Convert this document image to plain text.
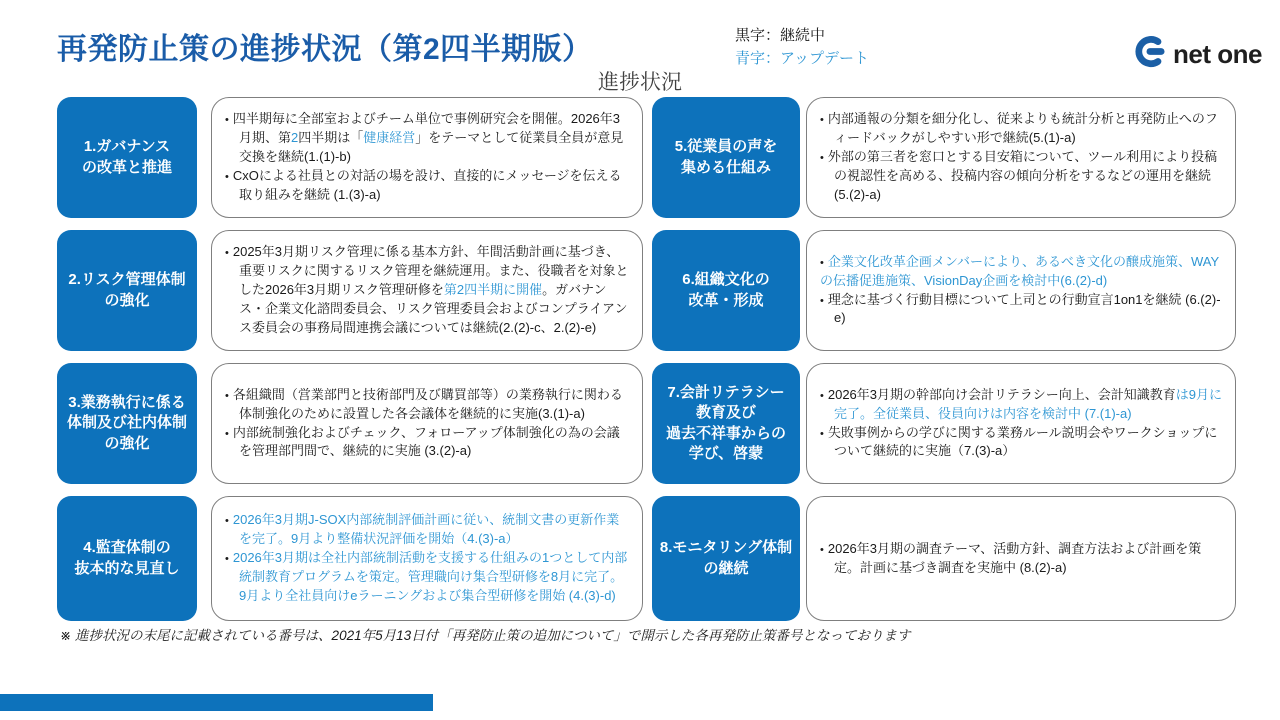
再発防止策の進捗状況（第2四半期版）
進捗状況
黒字：継続中
青字：アップデート	net one
1.ガバナンス
の改革と推進
• 四半期毎に全部室およびチーム単位で事例研究会を開催。2026年3月期、第2四半期は「健康経営」をテーマとして従業員全員が意見交換を継続(1.(1)-b)
• CxOによる社員との対話の場を設け、直接的にメッセージを伝える取り組みを継続 (1.(3)-a)
2.リスク管理体制
の強化
• 2025年3月期リスク管理に係る基本方針、年間活動計画に基づき、重要リスクに関するリスク管理を継続運用。また、役職者を対象とした2026年3月期リスク管理研修を第2四半期に開催。ガバナンス・企業文化諮問委員会、リスク管理委員会およびコンプライアンス委員会の事務局間連携会議については継続(2.(2)-c、2.(2)-e)
3.業務執行に係る
体制及び社内体制
の強化
• 各組織間（営業部門と技術部門及び購買部等）の業務執行に関わる体制強化のために設置した各会議体を継続的に実施(3.(1)-a)
• 内部統制強化およびチェック、フォローアップ体制強化の為の会議を管理部門間で、継続的に実施 (3.(2)-a)
4.監査体制の
抜本的な見直し
• 2026年3月期J-SOX内部統制評価計画に従い、統制文書の更新作業を完了。9月より整備状況評価を開始（4.(3)-a）
• 2026年3月期は全社内部統制活動を支援する仕組みの1つとして内部統制教育プログラムを策定。管理職向け集合型研修を8月に完了。9月より全社員向けeラーニングおよび集合型研修を開始 (4.(3)-d)
5.従業員の声を
集める仕組み
• 内部通報の分類を細分化し、従来よりも統計分析と再発防止へのフィードバックがしやすい形で継続(5.(1)-a)
• 外部の第三者を窓口とする目安箱について、ツール利用により投稿の視認性を高める、投稿内容の傾向分析をするなどの運用を継続 (5.(2)-a)
6.組織文化の
改革・形成
• 企業文化改革企画メンバーにより、あるべき文化の醸成施策、WAYの伝播促進施策、VisionDay企画を検討中(6.(2)-d)
• 理念に基づく行動目標について上司との行動宣言1on1を継続 (6.(2)-e)
7.会計リテラシー
教育及び
過去不祥事からの
学び、啓蒙
• 2026年3月期の幹部向け会計リテラシー向上、会計知識教育は9月に完了。全従業員、役員向けは内容を検討中 (7.(1)-a)
• 失敗事例からの学びに関する業務ルール説明会やワークショップについて継続的に実施（7.(3)-a）
8.モニタリング体制
の継続
• 2026年3月期の調査テーマ、活動方針、調査方法および計画を策定。計画に基づき調査を実施中 (8.(2)-a)
※ 進捗状況の末尾に記載されている番号は、2021年5月13日付「再発防止策の追加について」で開示した各再発防止策番号となっております
